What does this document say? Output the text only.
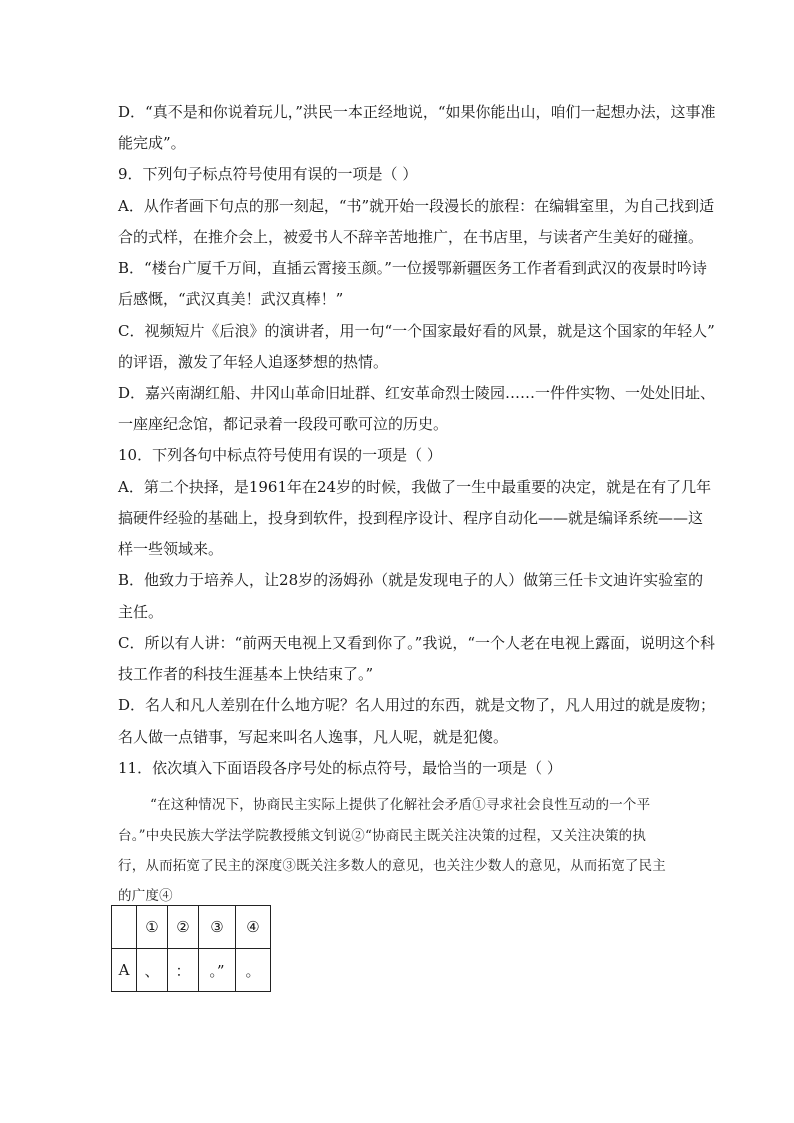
D．“真不是和你说着玩儿，”洪民一本正经地说，“如果你能出山，咱们一起想办法，这事准
能完成”。
9．下列句子标点符号使用有误的一项是（ ）
A．从作者画下句点的那一刻起，“书”就开始一段漫长的旅程：在编辑室里，为自己找到适
合的式样，在推介会上，被爱书人不辞辛苦地推广，在书店里，与读者产生美好的碰撞。
B．“楼台广厦千万间，直插云霄接玉颜。”一位援鄂新疆医务工作者看到武汉的夜景时吟诗
后感慨，“武汉真美！武汉真棒！”
C．视频短片《后浪》的演讲者，用一句“一个国家最好看的风景，就是这个国家的年轻人”
的评语，激发了年轻人追逐梦想的热情。
D．嘉兴南湖红船、井冈山革命旧址群、红安革命烈士陵园……一件件实物、一处处旧址、
一座座纪念馆，都记录着一段段可歌可泣的历史。
10．下列各句中标点符号使用有误的一项是（ ）
A．第二个抉择，是1961年在24岁的时候，我做了一生中最重要的决定，就是在有了几年
搞硬件经验的基础上，投身到软件，投到程序设计、程序自动化——就是编译系统——这
样一些领域来。
B．他致力于培养人，让28岁的汤姆孙（就是发现电子的人）做第三任卡文迪许实验室的
主任。
C．所以有人讲：“前两天电视上又看到你了。”我说，“一个人老在电视上露面，说明这个科
技工作者的科技生涯基本上快结束了。”
D．名人和凡人差别在什么地方呢？名人用过的东西，就是文物了，凡人用过的就是废物；
名人做一点错事，写起来叫名人逸事，凡人呢，就是犯傻。
11．依次填入下面语段各序号处的标点符号，最恰当的一项是（ ）
“在这种情况下，协商民主实际上提供了化解社会矛盾①寻求社会良性互动的一个平
台。”中央民族大学法学院教授熊文钊说②“协商民主既关注决策的过程，又关注决策的执
行，从而拓宽了民主的深度③既关注多数人的意见，也关注少数人的意见，从而拓宽了民主
的广度④
	①	②	③	④
A	、	：	。”	。
